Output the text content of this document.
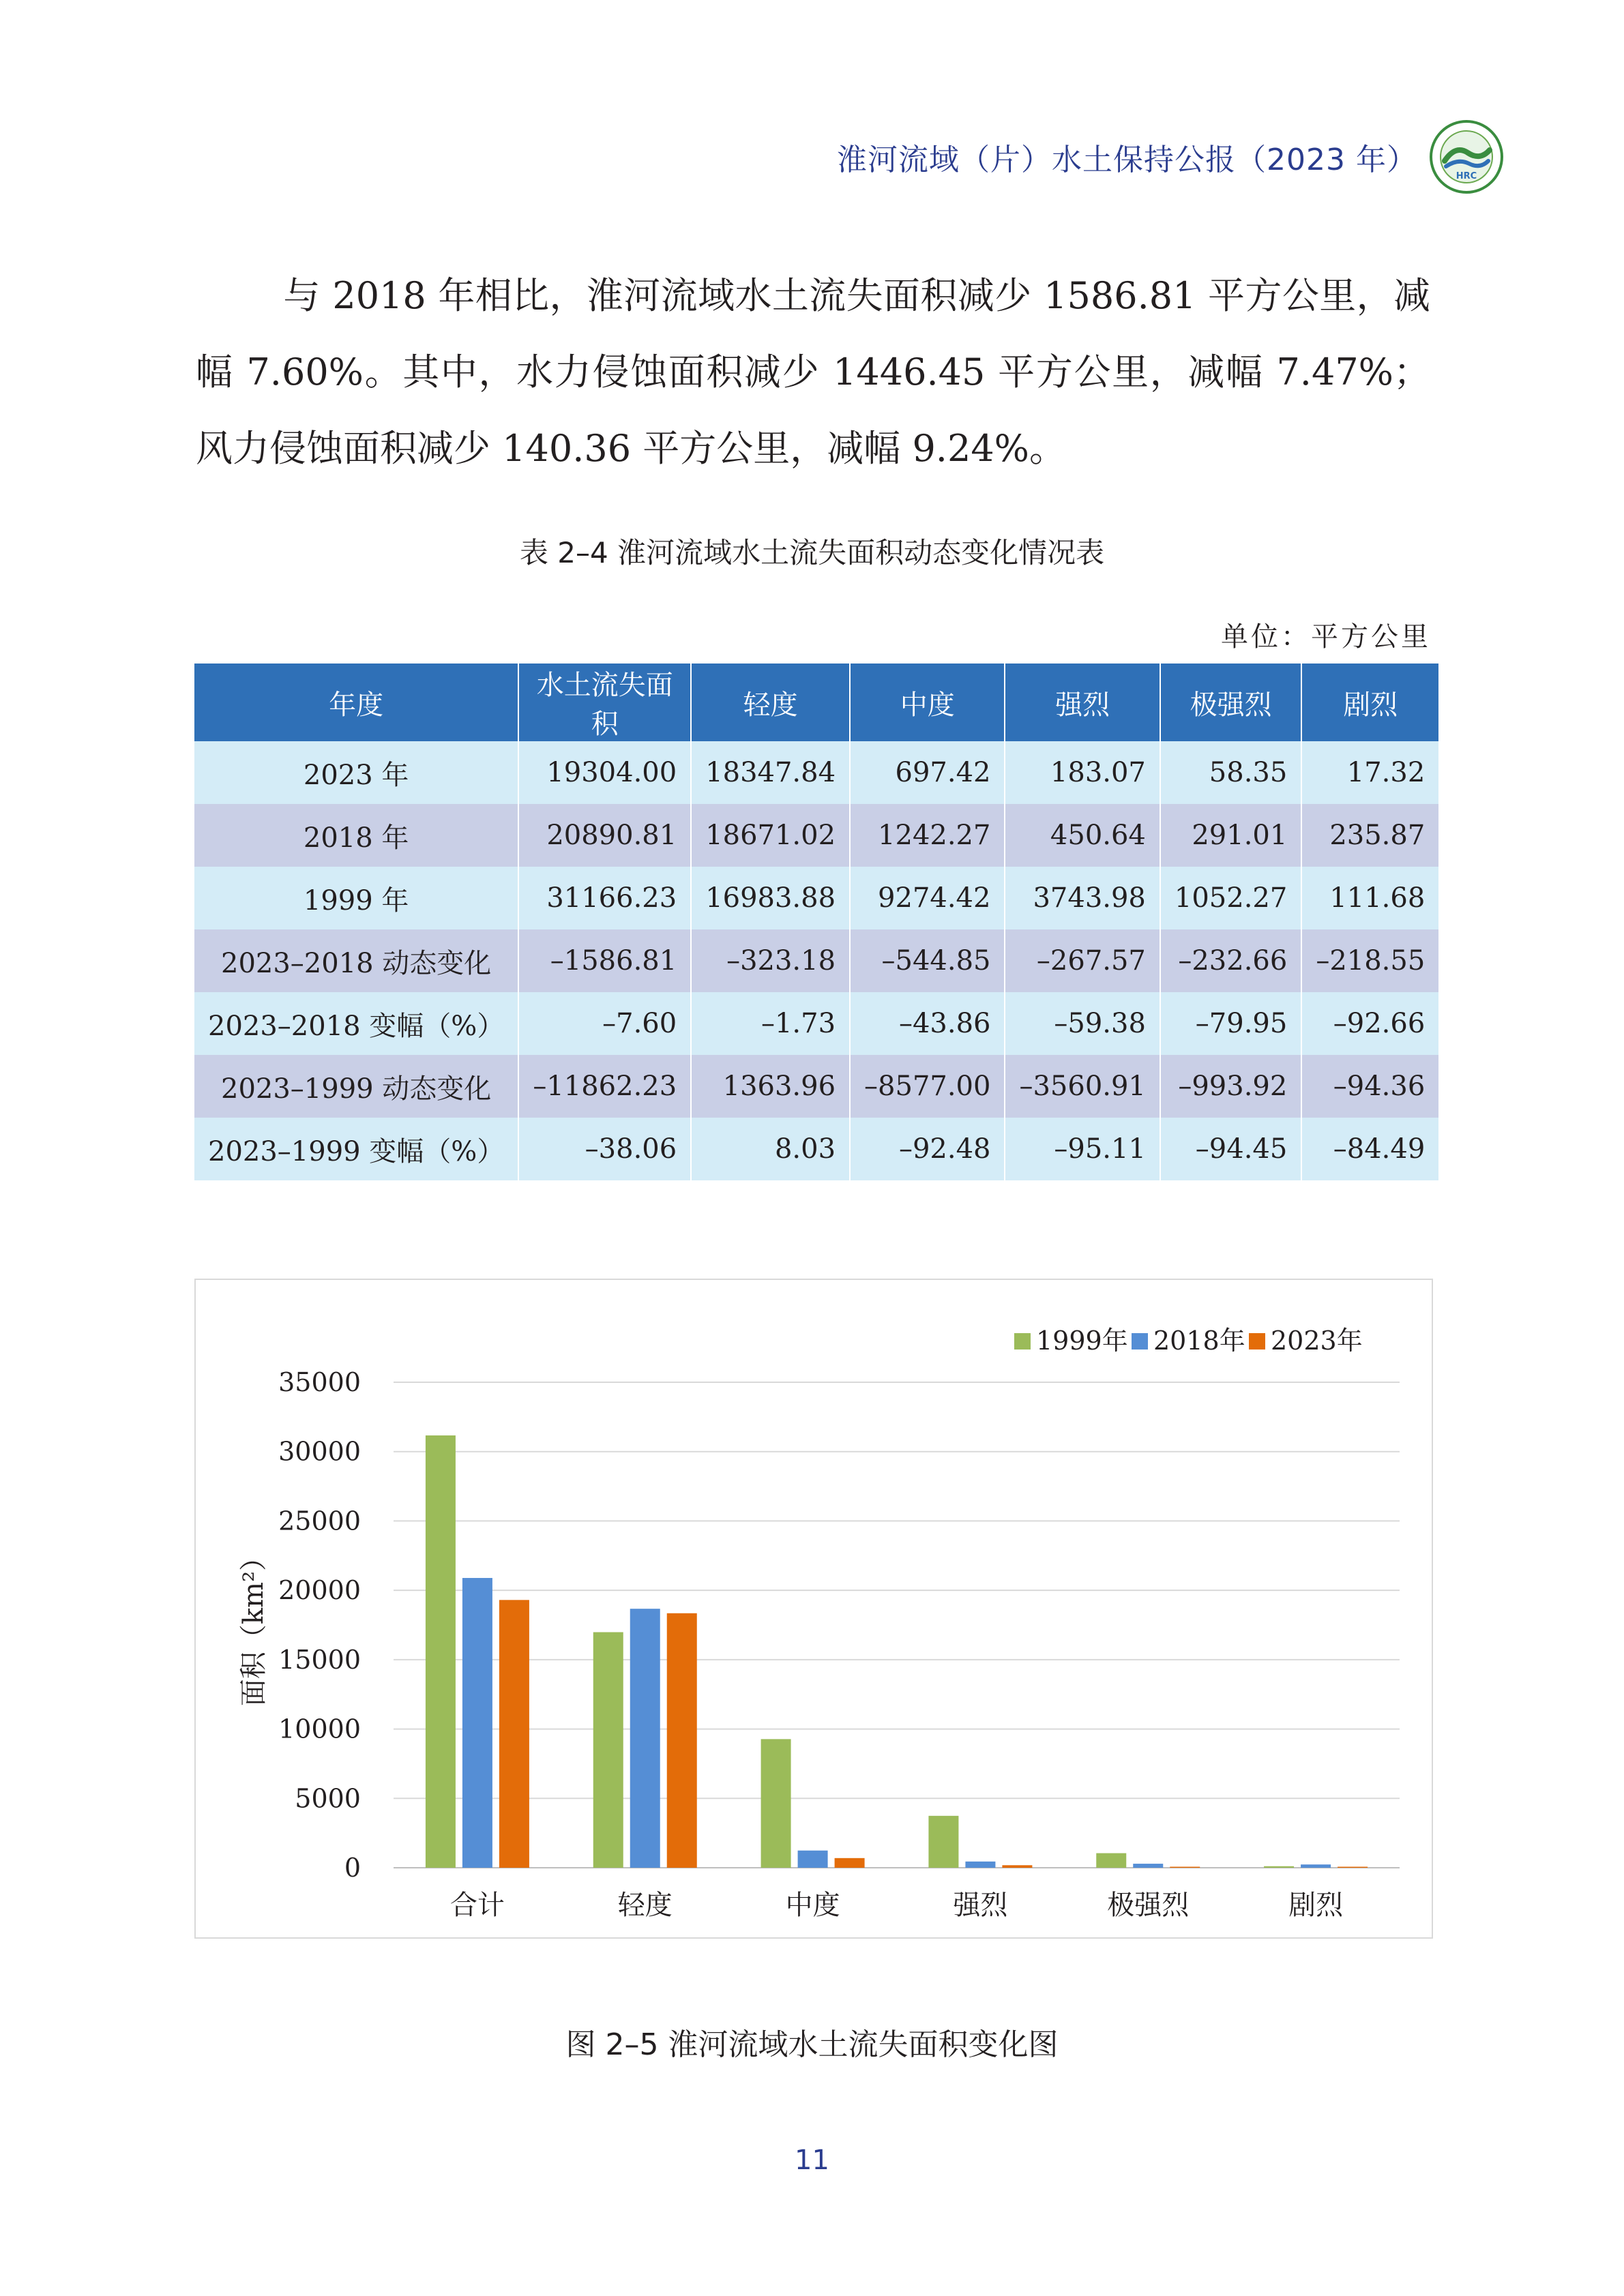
淮河流域（片）水土保持公报（2023 年）	HRC
与 2018 年相比，淮河流域水土流失面积减少 1586.81 平方公里，减幅 7.60%。其中，水力侵蚀面积减少 1446.45 平方公里，减幅 7.47%；风力侵蚀面积减少 140.36 平方公里，减幅 9.24%。
表 2–4 淮河流域水土流失面积动态变化情况表
单位：平方公里
年度	水土流失面积	轻度	中度	强烈	极强烈	剧烈
2023 年	19304.00	18347.84	697.42	183.07	58.35	17.32
2018 年	20890.81	18671.02	1242.27	450.64	291.01	235.87
1999 年	31166.23	16983.88	9274.42	3743.98	1052.27	111.68
2023–2018 动态变化	–1586.81	–323.18	–544.85	–267.57	–232.66	–218.55
2023–2018 变幅（%）	–7.60	–1.73	–43.86	–59.38	–79.95	–92.66
2023–1999 动态变化	–11862.23	1363.96	–8577.00	–3560.91	–993.92	–94.36
2023–1999 变幅（%）	–38.06	8.03	–92.48	–95.11	–94.45	–84.49
0
5000
10000
15000
20000
25000
30000
35000
面积（km²）
合计	轻度	中度	强烈	极强烈	剧烈
1999年 2018年 2023年
图 2–5 淮河流域水土流失面积变化图
11
